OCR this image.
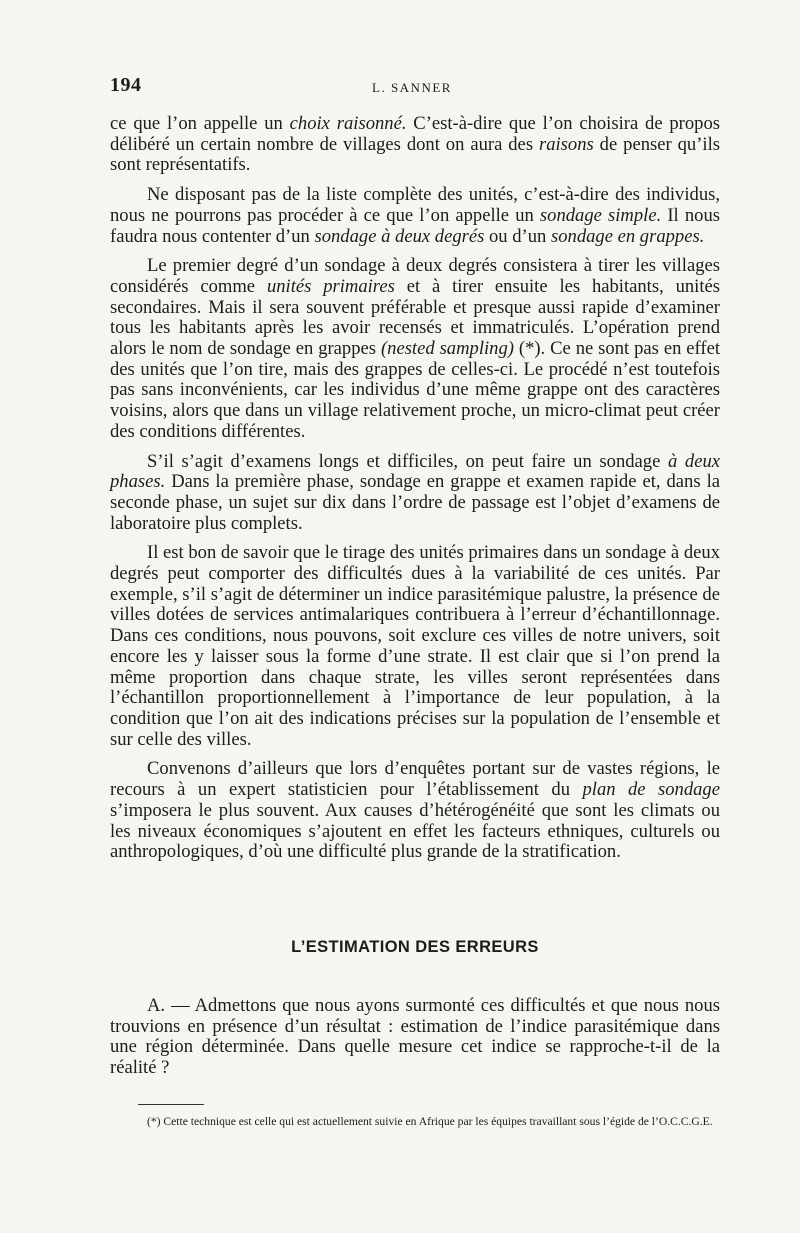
194	L. SANNER

ce que l’on appelle un choix raisonné. C’est-à-dire que l’on choisira de propos délibéré un certain nombre de villages dont on aura des raisons de penser qu’ils sont représentatifs.

Ne disposant pas de la liste complète des unités, c’est-à-dire des individus, nous ne pourrons pas procéder à ce que l’on appelle un sondage simple. Il nous faudra nous contenter d’un sondage à deux degrés ou d’un sondage en grappes.

Le premier degré d’un sondage à deux degrés consistera à tirer les villages considérés comme unités primaires et à tirer ensuite les habitants, unités secondaires. Mais il sera souvent préférable et presque aussi rapide d’examiner tous les habitants après les avoir recensés et immatriculés. L’opération prend alors le nom de sondage en grappes (nested sampling) (*). Ce ne sont pas en effet des unités que l’on tire, mais des grappes de celles-ci. Le procédé n’est toutefois pas sans inconvénients, car les individus d’une même grappe ont des caractères voisins, alors que dans un village relativement proche, un micro-climat peut créer des conditions différentes.

S’il s’agit d’examens longs et difficiles, on peut faire un sondage à deux phases. Dans la première phase, sondage en grappe et examen rapide et, dans la seconde phase, un sujet sur dix dans l’ordre de passage est l’objet d’examens de laboratoire plus complets.

Il est bon de savoir que le tirage des unités primaires dans un sondage à deux degrés peut comporter des difficultés dues à la variabilité de ces unités. Par exemple, s’il s’agit de déterminer un indice parasitémique palustre, la présence de villes dotées de services antimalariques contribuera à l’erreur d’échantillonnage. Dans ces conditions, nous pouvons, soit exclure ces villes de notre univers, soit encore les y laisser sous la forme d’une strate. Il est clair que si l’on prend la même proportion dans chaque strate, les villes seront représentées dans l’échantillon proportionnellement à l’importance de leur population, à la condition que l’on ait des indications précises sur la population de l’ensemble et sur celle des villes.

Convenons d’ailleurs que lors d’enquêtes portant sur de vastes régions, le recours à un expert statisticien pour l’établissement du plan de sondage s’imposera le plus souvent. Aux causes d’hétérogénéité que sont les climats ou les niveaux économiques s’ajoutent en effet les facteurs ethniques, culturels ou anthropologiques, d’où une difficulté plus grande de la stratification.

L’ESTIMATION DES ERREURS

A. — Admettons que nous ayons surmonté ces difficultés et que nous nous trouvions en présence d’un résultat : estimation de l’indice parasitémique dans une région déterminée. Dans quelle mesure cet indice se rapproche-t-il de la réalité ?

(*) Cette technique est celle qui est actuellement suivie en Afrique par les équipes travaillant sous l’égide de l’O.C.C.G.E.
